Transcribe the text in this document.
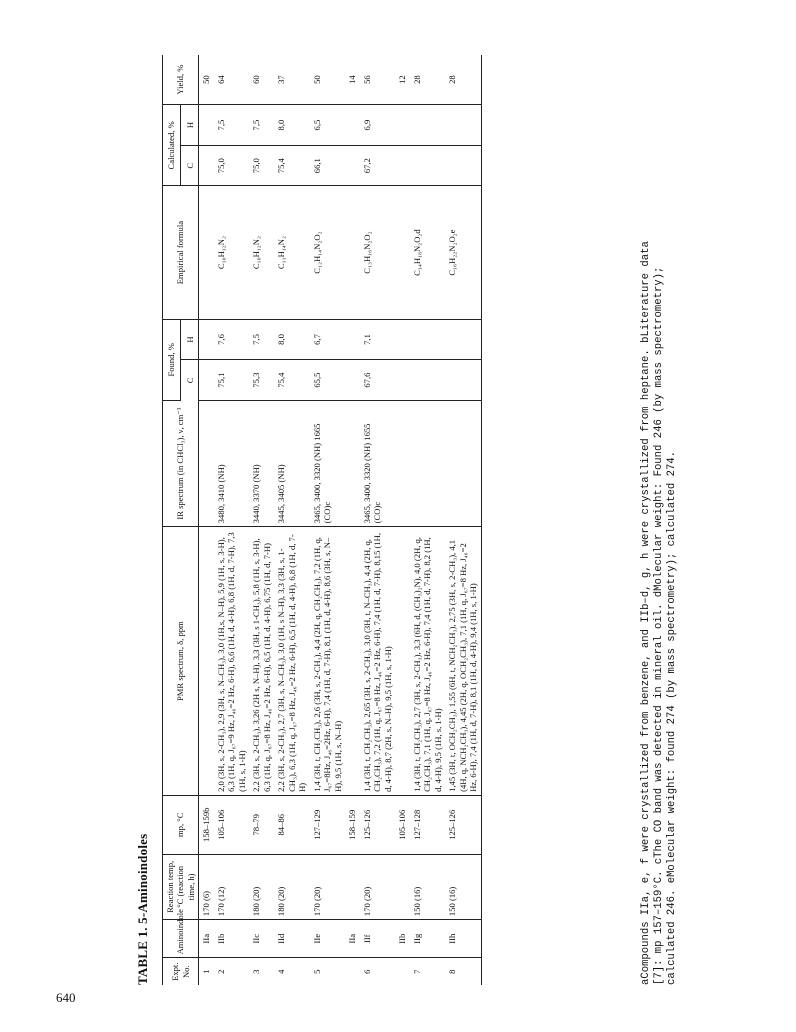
640
TABLE 1. 5-Aminoindoles Expt. No.	Aminoindole	Reaction temp, °C (reaction time, h)	mp, °C	PMR spectrum, δ, ppm	IR spectrum (in CHCl₃), ν, cm⁻¹	Found, %		Empirical formula	Calculated, %		Yield, %
						C	H		C	H	
1	IIa	170 (6)	158–159b								50
2	IIb	170 (12)	105–106	2,0 (3H, s, 2-CH₃), 2,9 (3H, s, N–CH₃), 3,0 (1H,s, N–H), 5,9 (1H, s, 3-H), 6,3 (1H, q, J₆₇=9 Hz, J₄₆=2 Hz, 6-H), 6,6 (1H, d, 4-H), 6,8 (1H, d, 7-H), 7,3 (1H, s, 1-H)	3480, 3410 (NH)	75,1	7,6	C₁₀H₁₂N₂	75,0	7,5	64
3	IIc	180 (20)	78–79	2,2 (3H, s, 2-CH₃), 3,26 (2H s, N–H), 3,3 (3H, s 1-CH₃), 5,8 (1H, s, 3-H), 6,3 (1H, q, J₆₇=8 Hz, J₄₆=2 Hz, 6-H), 6,5 (1H, d, 4-H), 6,75 (1H, d, 7-H)	3440, 3370 (NH)	75,3	7,5	C₁₀H₁₂N₂	75,0	7,5	60
4	IId	180 (20)	84–86	2,2 (3H, s, 2-CH₃), 2,7 (3H, s, N–CH₃), 3,0 (1H, s N–H), 3,3 (3H, s, 1-CH₃), 6,3 (1H, q, J₆₇=8 Hz, J₄₆=2 Hz, 6-H), 6,5 (1H, d, 4-H), 6,8 (1H, d, 7-H)	3445, 3405 (NH)	75,4	8,0	C₁₁H₁₄N₂	75,4	8,0	37
5	IIe	170 (20)	127–129	1,4 (3H, t, CH₂CH₃), 2,6 (3H, s, 2-CH₃), 4,4 (2H, q, CH₂CH₃), 7,2 (1H, q, J₆₇=8Hz, J₄₆=2Hz, 6-H), 7,4 (1H, d, 7-H), 8,1 (1H, d, 4-H), 8,6 (3H, s, N–H), 9,5 (1H, s, N–H)	3465, 3400, 3320 (NH) 1665 (CO)c	65,5	6,7	C₁₂H₁₄N₂O₂	66,1	6,5	50
	IIa		158–159								14
6	IIf	170 (20)	125–126	1,4 (3H, t, CH₂CH₃), 2,65 (3H, s, 2-CH₃), 3,0 (3H, t, N–CH₃), 4,4 (2H, q, CH₂CH₃), 7,2 (1H, q, J₆₇=8 Hz, J₄₆=2 Hz, 6-H), 7,4 (1H, d, 7-H), 8,15 (1H, d, 4-H), 8,7 (2H, s, N–H), 9,5 (1H, s, 1-H)	3465, 3400, 3320 (NH) 1655 (CO)c	67,6	7,1	C₁₃H₁₆N₂O₂	67,2	6,9	56
	IIb		105–106								12
7	IIg	150 (16)	127–128	1,4 (3H, t, CH₂CH₃), 2,7 (3H, s, 2-CH₃), 3,3 (6H, d, (CH₃)₂N), 4,0 (2H, q, CH₂CH₃), 7,1 (1H, q, J₆₇=8 Hz, J₄₆=2 Hz, 6-H), 7,4 (1H, d, 7-H), 8,2 (1H, d, 4-H), 9,5 (1H, s, 1-H)				C₁₄H₁₈N₂O₂d			28
8	IIh	150 (16)	125–126	1,45 (3H, t, OCH₂CH₃), 1,55 (6H, t, NCH₂CH₃), 2,75 (3H, s, 2-CH₃), 4,1 (4H, q, NCH₂CH₃), 4,45 (2H, q, OCH₂CH₃), 7,1 (1H, q, J₆₇=8 Hz, J₄₆=2 Hz, 6-H), 7,4 (1H, d, 7-H), 8,1 (1H, d, 4-H), 9,4 (1H, s, 1-H)				C₁₆H₂₂N₂O₂e			28

aCompounds IIa, e, f were crystallized from benzene, and IIb–d, g, h were crystallized from heptane. bLiterature data [7]: mp 157–159°C. cThe CO band was detected in mineral oil. dMolecular weight: Found 246 (by mass spectrometry); calculated 246. eMolecular weight: found 274 (by mass spectrometry); calculated 274.
